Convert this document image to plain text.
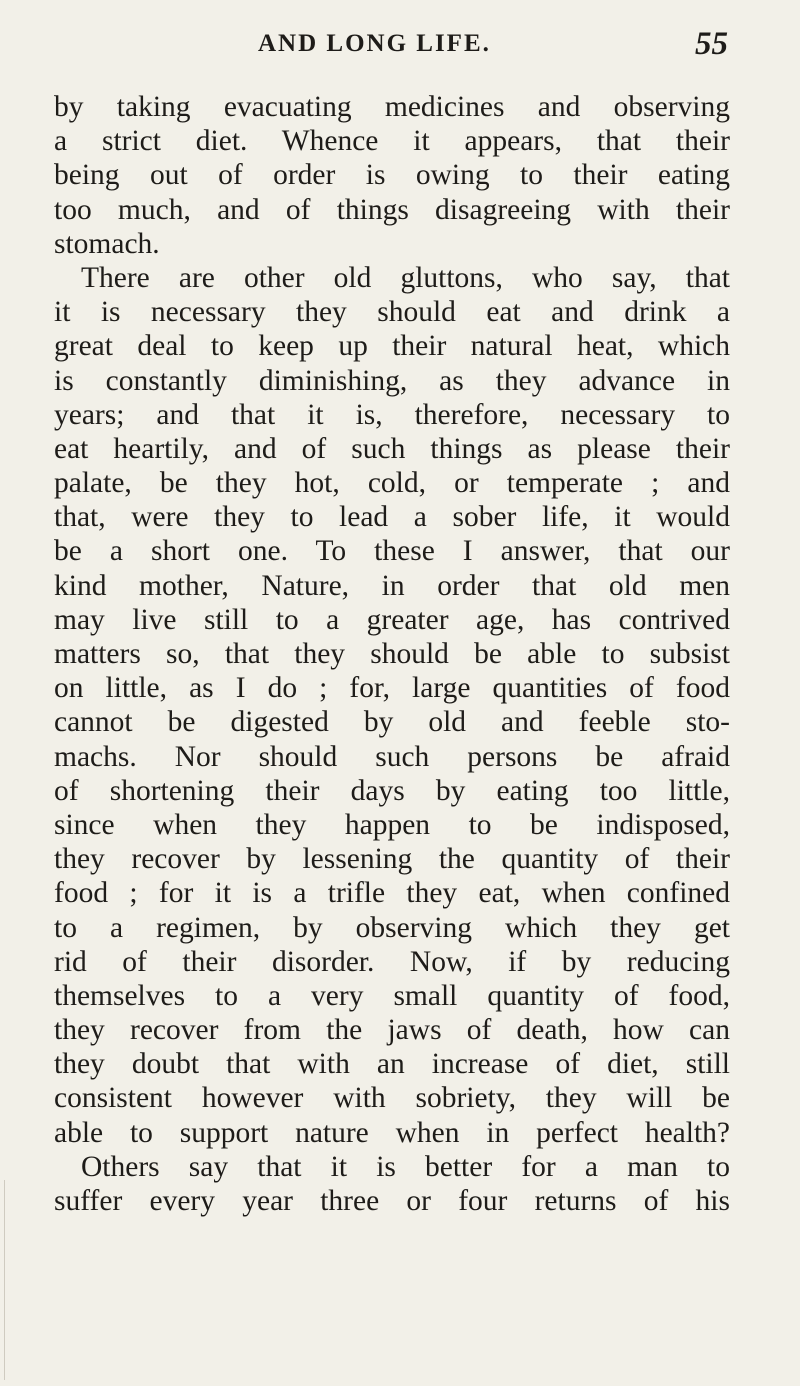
AND LONG LIFE.	55
by taking evacuating medicines and observing
a strict diet. Whence it appears, that their
being out of order is owing to their eating
too much, and of things disagreeing with their
stomach.
There are other old gluttons, who say, that
it is necessary they should eat and drink a
great deal to keep up their natural heat, which
is constantly diminishing, as they advance in
years; and that it is, therefore, necessary to
eat heartily, and of such things as please their
palate, be they hot, cold, or temperate ; and
that, were they to lead a sober life, it would
be a short one. To these I answer, that our
kind mother, Nature, in order that old men
may live still to a greater age, has contrived
matters so, that they should be able to subsist
on little, as I do ; for, large quantities of food
cannot be digested by old and feeble sto-
machs. Nor should such persons be afraid
of shortening their days by eating too little,
since when they happen to be indisposed,
they recover by lessening the quantity of their
food ; for it is a trifle they eat, when confined
to a regimen, by observing which they get
rid of their disorder. Now, if by reducing
themselves to a very small quantity of food,
they recover from the jaws of death, how can
they doubt that with an increase of diet, still
consistent however with sobriety, they will be
able to support nature when in perfect health?
Others say that it is better for a man to
suffer every year three or four returns of his
